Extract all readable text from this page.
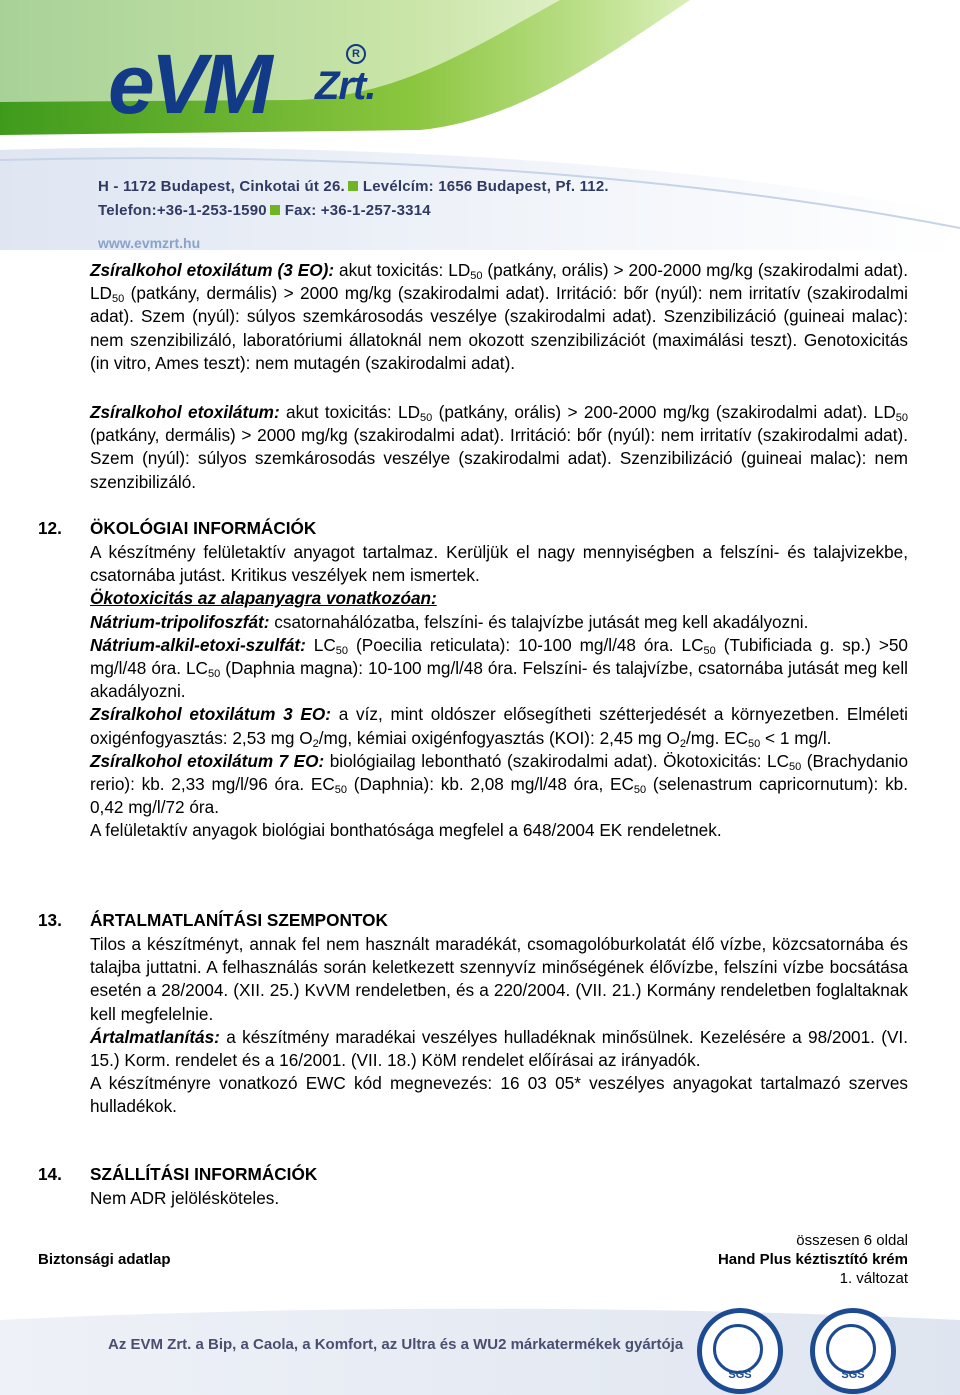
eVM Zrt.
R
H - 1172 Budapest, Cinkotai út 26. Levélcím: 1656 Budapest, Pf. 112.
Telefon:+36-1-253-1590 Fax: +36-1-257-3314
www.evmzrt.hu
Zsíralkohol etoxilátum (3 EO): akut toxicitás: $LD_{50}$ (patkány, orális) > 200-2000 mg/kg (szakirodalmi adat). $LD_{50}$ (patkány, dermális) > 2000 mg/kg (szakirodalmi adat). Irritáció: bőr (nyúl): nem irritatív (szakirodalmi adat). Szem (nyúl): súlyos szemkárosodás veszélye (szakirodalmi adat). Szenzibilizáció (guineai malac): nem szenzibilizáló, laboratóriumi állatoknál nem okozott szenzibilizációt (maximálási teszt). Genotoxicitás (in vitro, Ames teszt): nem mutagén (szakirodalmi adat).
Zsíralkohol etoxilátum: akut toxicitás: $LD_{50}$ (patkány, orális) > 200-2000 mg/kg (szakirodalmi adat). $LD_{50}$ (patkány, dermális) > 2000 mg/kg (szakirodalmi adat). Irritáció: bőr (nyúl): nem irritatív (szakirodalmi adat). Szem (nyúl): súlyos szemkárosodás veszélye (szakirodalmi adat). Szenzibilizáció (guineai malac): nem szenzibilizáló.
12. ÖKOLÓGIAI INFORMÁCIÓK
A készítmény felületaktív anyagot tartalmaz. Kerüljük el nagy mennyiségben a felszíni- és talajvizekbe, csatornába jutást. Kritikus veszélyek nem ismertek.
Ökotoxicitás az alapanyagra vonatkozóan:
Nátrium-tripolifoszfát: csatornahálózatba, felszíni- és talajvízbe jutását meg kell akadályozni.
Nátrium-alkil-etoxi-szulfát: $LC_{50}$ (Poecilia reticulata): 10-100 mg/l/48 óra. $LC_{50}$ (Tubificiada g. sp.) >50 mg/l/48 óra. $LC_{50}$ (Daphnia magna): 10-100 mg/l/48 óra. Felszíni- és talajvízbe, csatornába jutását meg kell akadályozni.
Zsíralkohol etoxilátum 3 EO: a víz, mint oldószer elősegítheti szétterjedését a környezetben. Elméleti oxigénfogyasztás: 2,53 mg $O_2/mg$, kémiai oxigénfogyasztás (KOI): 2,45 mg $O_2/mg$. $EC_{50} < 1$ mg/l.
Zsíralkohol etoxilátum 7 EO: biológiailag lebontható (szakirodalmi adat). Ökotoxicitás: $LC_{50}$ (Brachydanio rerio): kb. 2,33 mg/l/96 óra. $EC_{50}$ (Daphnia): kb. 2,08 mg/l/48 óra, $EC_{50}$ (selenastrum capricornutum): kb. 0,42 mg/l/72 óra.
A felületaktív anyagok biológiai bonthatósága megfelel a 648/2004 EK rendeletnek.
13. ÁRTALMATLANÍTÁSI SZEMPONTOK
Tilos a készítményt, annak fel nem használt maradékát, csomagolóburkolatát élő vízbe, közcsatornába és talajba juttatni. A felhasználás során keletkezett szennyvíz minőségének élővízbe, felszíni vízbe bocsátása esetén a 28/2004. (XII. 25.) KvVM rendeletben, és a 220/2004. (VII. 21.) Kormány rendeletben foglaltaknak kell megfelelnie.
Ártalmatlanítás: a készítmény maradékai veszélyes hulladéknak minősülnek. Kezelésére a 98/2001. (VI. 15.) Korm. rendelet és a 16/2001. (VII. 18.) KöM rendelet előírásai az irányadók.
A készítményre vonatkozó EWC kód megnevezés: 16 03 05* veszélyes anyagokat tartalmazó szerves hulladékok.
14. SZÁLLÍTÁSI INFORMÁCIÓK
Nem ADR jelölésköteles.
Biztonsági adatlap
összesen 6 oldal
Hand Plus kéztisztító krém
1. változat
Az EVM Zrt. a Bip, a Caola, a Komfort, az Ultra és a WU2 márkatermékek gyártója
SGS	SGS
